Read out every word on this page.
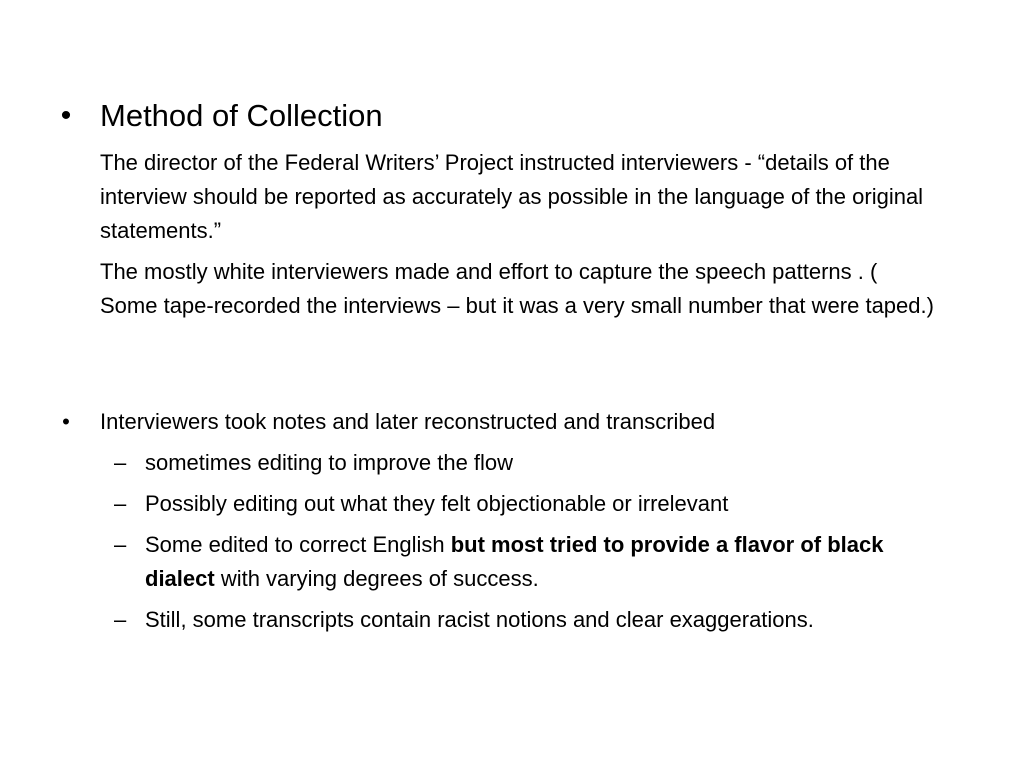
• Method of Collection
The director of the Federal Writers’ Project instructed interviewers - “details of the interview should be reported as accurately as possible in the language of the original statements.”
The mostly white interviewers made and effort to capture the speech patterns . ( Some tape-recorded the interviews – but it was a very small number that were taped.)
• Interviewers took notes and later reconstructed and transcribed
– sometimes editing to improve the flow
– Possibly editing out what they felt objectionable or irrelevant
– Some edited to correct English but most tried to provide a flavor of black dialect with varying degrees of success.
– Still, some transcripts contain racist notions and clear exaggerations.
